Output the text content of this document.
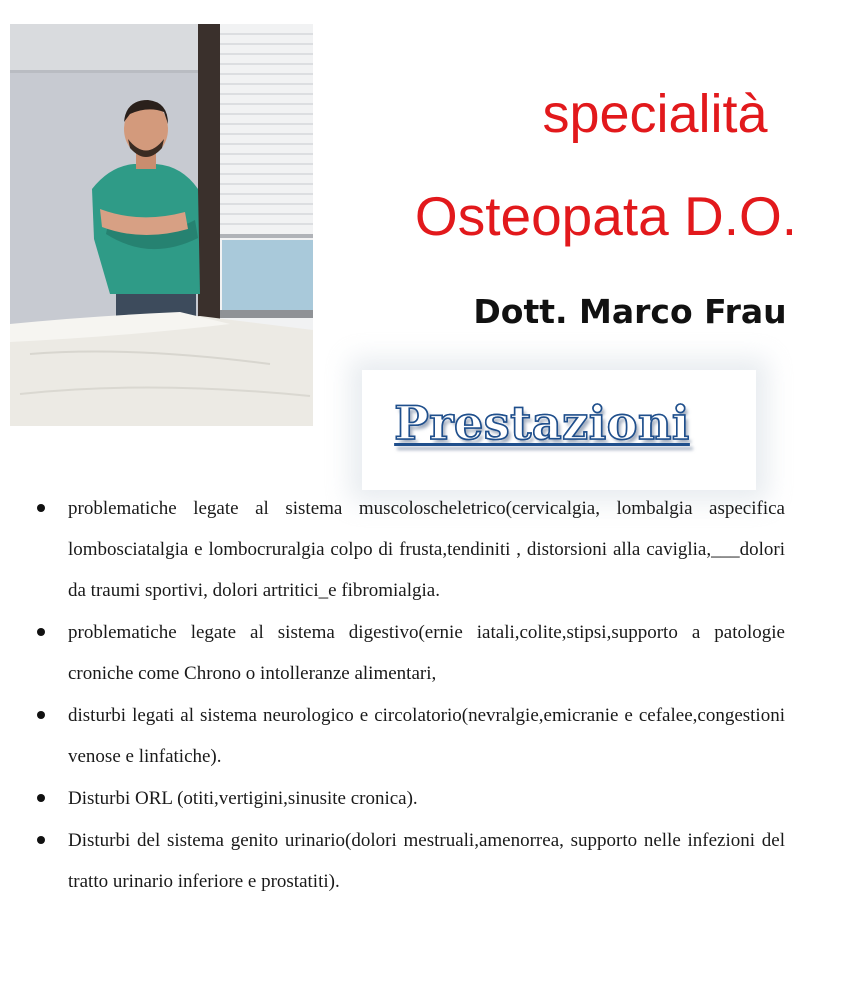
specialità
Osteopata D.O.
Dott. Marco Frau
Prestazioni
problematiche legate al sistema muscoloscheletrico(cervicalgia, lombalgia aspecifica lombosciatalgia e lombocruralgia colpo di frusta,tendiniti , distorsioni alla caviglia,___dolori da traumi sportivi, dolori artritici_e fibromialgia.
problematiche legate al sistema digestivo(ernie iatali,colite,stipsi,supporto a patologie croniche come Chrono o intolleranze alimentari,
disturbi legati al sistema neurologico e circolatorio(nevralgie,emicranie e cefalee,congestioni venose e linfatiche).
Disturbi ORL (otiti,vertigini,sinusite cronica).
Disturbi del sistema genito urinario(dolori mestruali,amenorrea, supporto nelle infezioni del tratto urinario inferiore e prostatiti).
